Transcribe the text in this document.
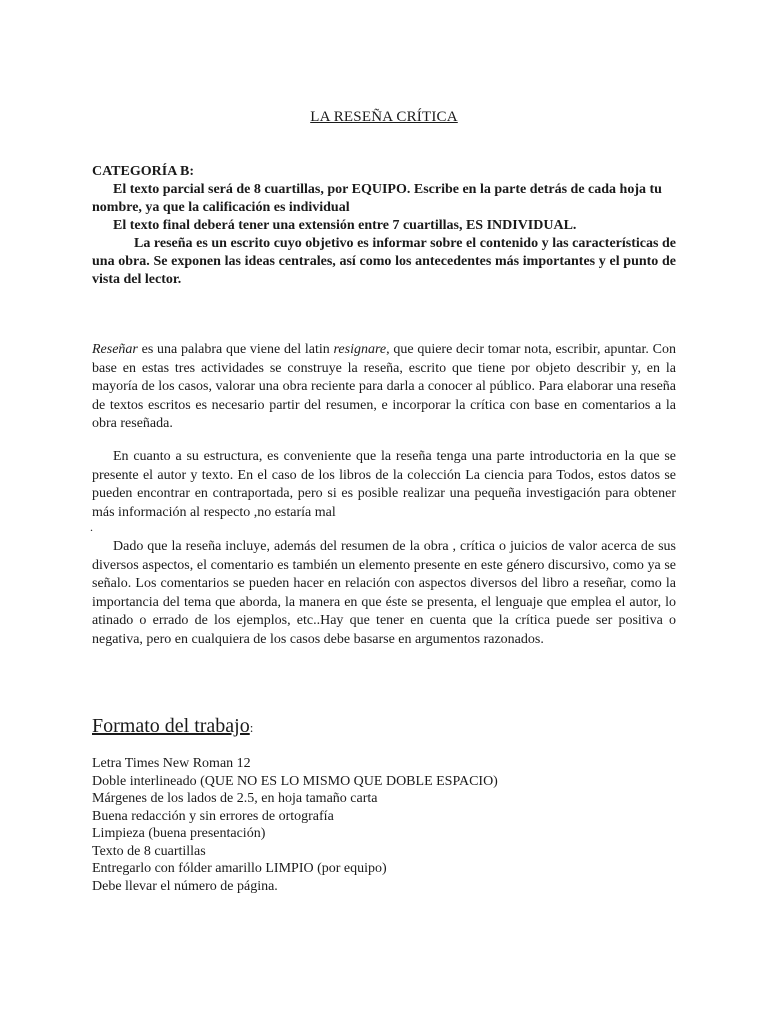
LA RESEÑA CRÍTICA

CATEGORÍA B:

El texto parcial será de 8 cuartillas, por EQUIPO. Escribe en la parte detrás de cada hoja tu nombre, ya que la calificación es individual

El texto final deberá tener una extensión entre 7 cuartillas, ES INDIVIDUAL.

La reseña es un escrito cuyo objetivo es informar sobre el contenido y las características de una obra. Se exponen las ideas centrales, así como los antecedentes más importantes y el punto de vista del lector.

Reseñar es una palabra que viene del latin resignare, que quiere decir tomar nota, escribir, apuntar. Con base en estas tres actividades se construye la reseña, escrito que tiene por objeto describir y, en la mayoría de los casos, valorar una obra reciente para darla a conocer al público. Para elaborar una reseña de textos escritos es necesario partir del resumen, e incorporar la crítica con base en comentarios a la obra reseñada.

En cuanto a su estructura, es conveniente que la reseña tenga una parte introductoria en la que se presente el autor y texto. En el caso de los libros de la colección La ciencia para Todos, estos datos se pueden encontrar en contraportada, pero si es posible realizar una pequeña investigación para obtener más información al respecto ,no estaría mal

.

Dado que la reseña incluye, además del resumen de la obra , crítica o juicios de valor acerca de sus diversos aspectos, el comentario es también un elemento presente en este género discursivo, como ya se señalo. Los comentarios se pueden hacer en relación con aspectos diversos del libro a reseñar, como la importancia del tema que aborda, la manera en que éste se presenta, el lenguaje que emplea el autor, lo atinado o errado de los ejemplos, etc..Hay que tener en cuenta que la crítica puede ser positiva o negativa, pero en cualquiera de los casos debe basarse en argumentos razonados.

Formato del trabajo:
Letra Times New Roman 12
Doble interlineado (QUE NO ES LO MISMO QUE DOBLE ESPACIO)
Márgenes de los lados de 2.5, en hoja tamaño carta
Buena redacción y sin errores de ortografía
Limpieza (buena presentación)
Texto de 8 cuartillas
Entregarlo con fólder amarillo LIMPIO (por equipo)
Debe llevar el número de página.
